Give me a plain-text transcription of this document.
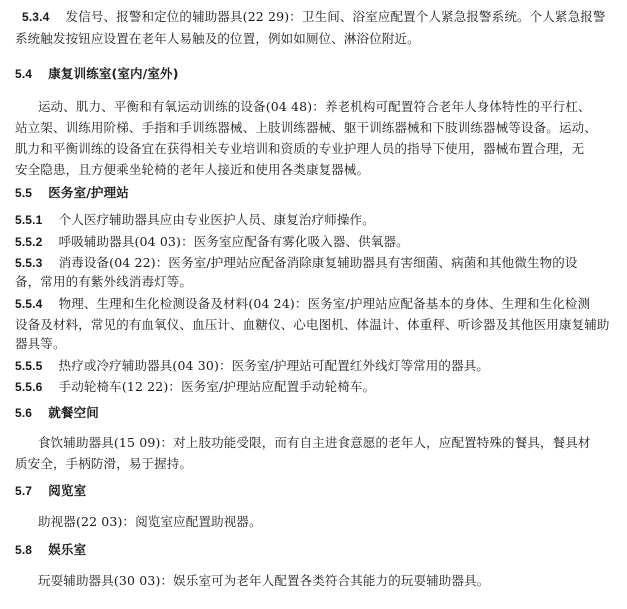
5.3.4 发信号、报警和定位的辅助器具(22 29)：卫生间、浴室应配置个人紧急报警系统。个人紧急报警
系统触发按钮应设置在老年人易触及的位置，例如如厕位、淋浴位附近。
5.4 康复训练室(室内/室外)
运动、肌力、平衡和有氧运动训练的设备(04 48)：养老机构可配置符合老年人身体特性的平行杠、
站立架、训练用阶梯、手指和手训练器械、上肢训练器械、躯干训练器械和下肢训练器械等设备。运动、
肌力和平衡训练的设备宜在获得相关专业培训和资质的专业护理人员的指导下使用，器械布置合理，无
安全隐患，且方便乘坐轮椅的老年人接近和使用各类康复器械。
5.5 医务室/护理站
5.5.1 个人医疗辅助器具应由专业医护人员、康复治疗师操作。
5.5.2 呼吸辅助器具(04 03)：医务室应配备有雾化吸入器、供氧器。
5.5.3 消毒设备(04 22)：医务室/护理站应配备消除康复辅助器具有害细菌、病菌和其他微生物的设
备，常用的有紫外线消毒灯等。
5.5.4 物理、生理和生化检测设备及材料(04 24)：医务室/护理站应配备基本的身体、生理和生化检测
设备及材料，常见的有血氧仪、血压计、血糖仪、心电图机、体温计、体重秤、听诊器及其他医用康复辅助
器具等。
5.5.5 热疗或冷疗辅助器具(04 30)：医务室/护理站可配置红外线灯等常用的器具。
5.5.6 手动轮椅车(12 22)：医务室/护理站应配置手动轮椅车。
5.6 就餐空间
食饮辅助器具(15 09)：对上肢功能受限，而有自主进食意愿的老年人，应配置特殊的餐具，餐具材
质安全，手柄防滑，易于握持。
5.7 阅览室
助视器(22 03)：阅览室应配置助视器。
5.8 娱乐室
玩耍辅助器具(30 03)：娱乐室可为老年人配置各类符合其能力的玩耍辅助器具。
